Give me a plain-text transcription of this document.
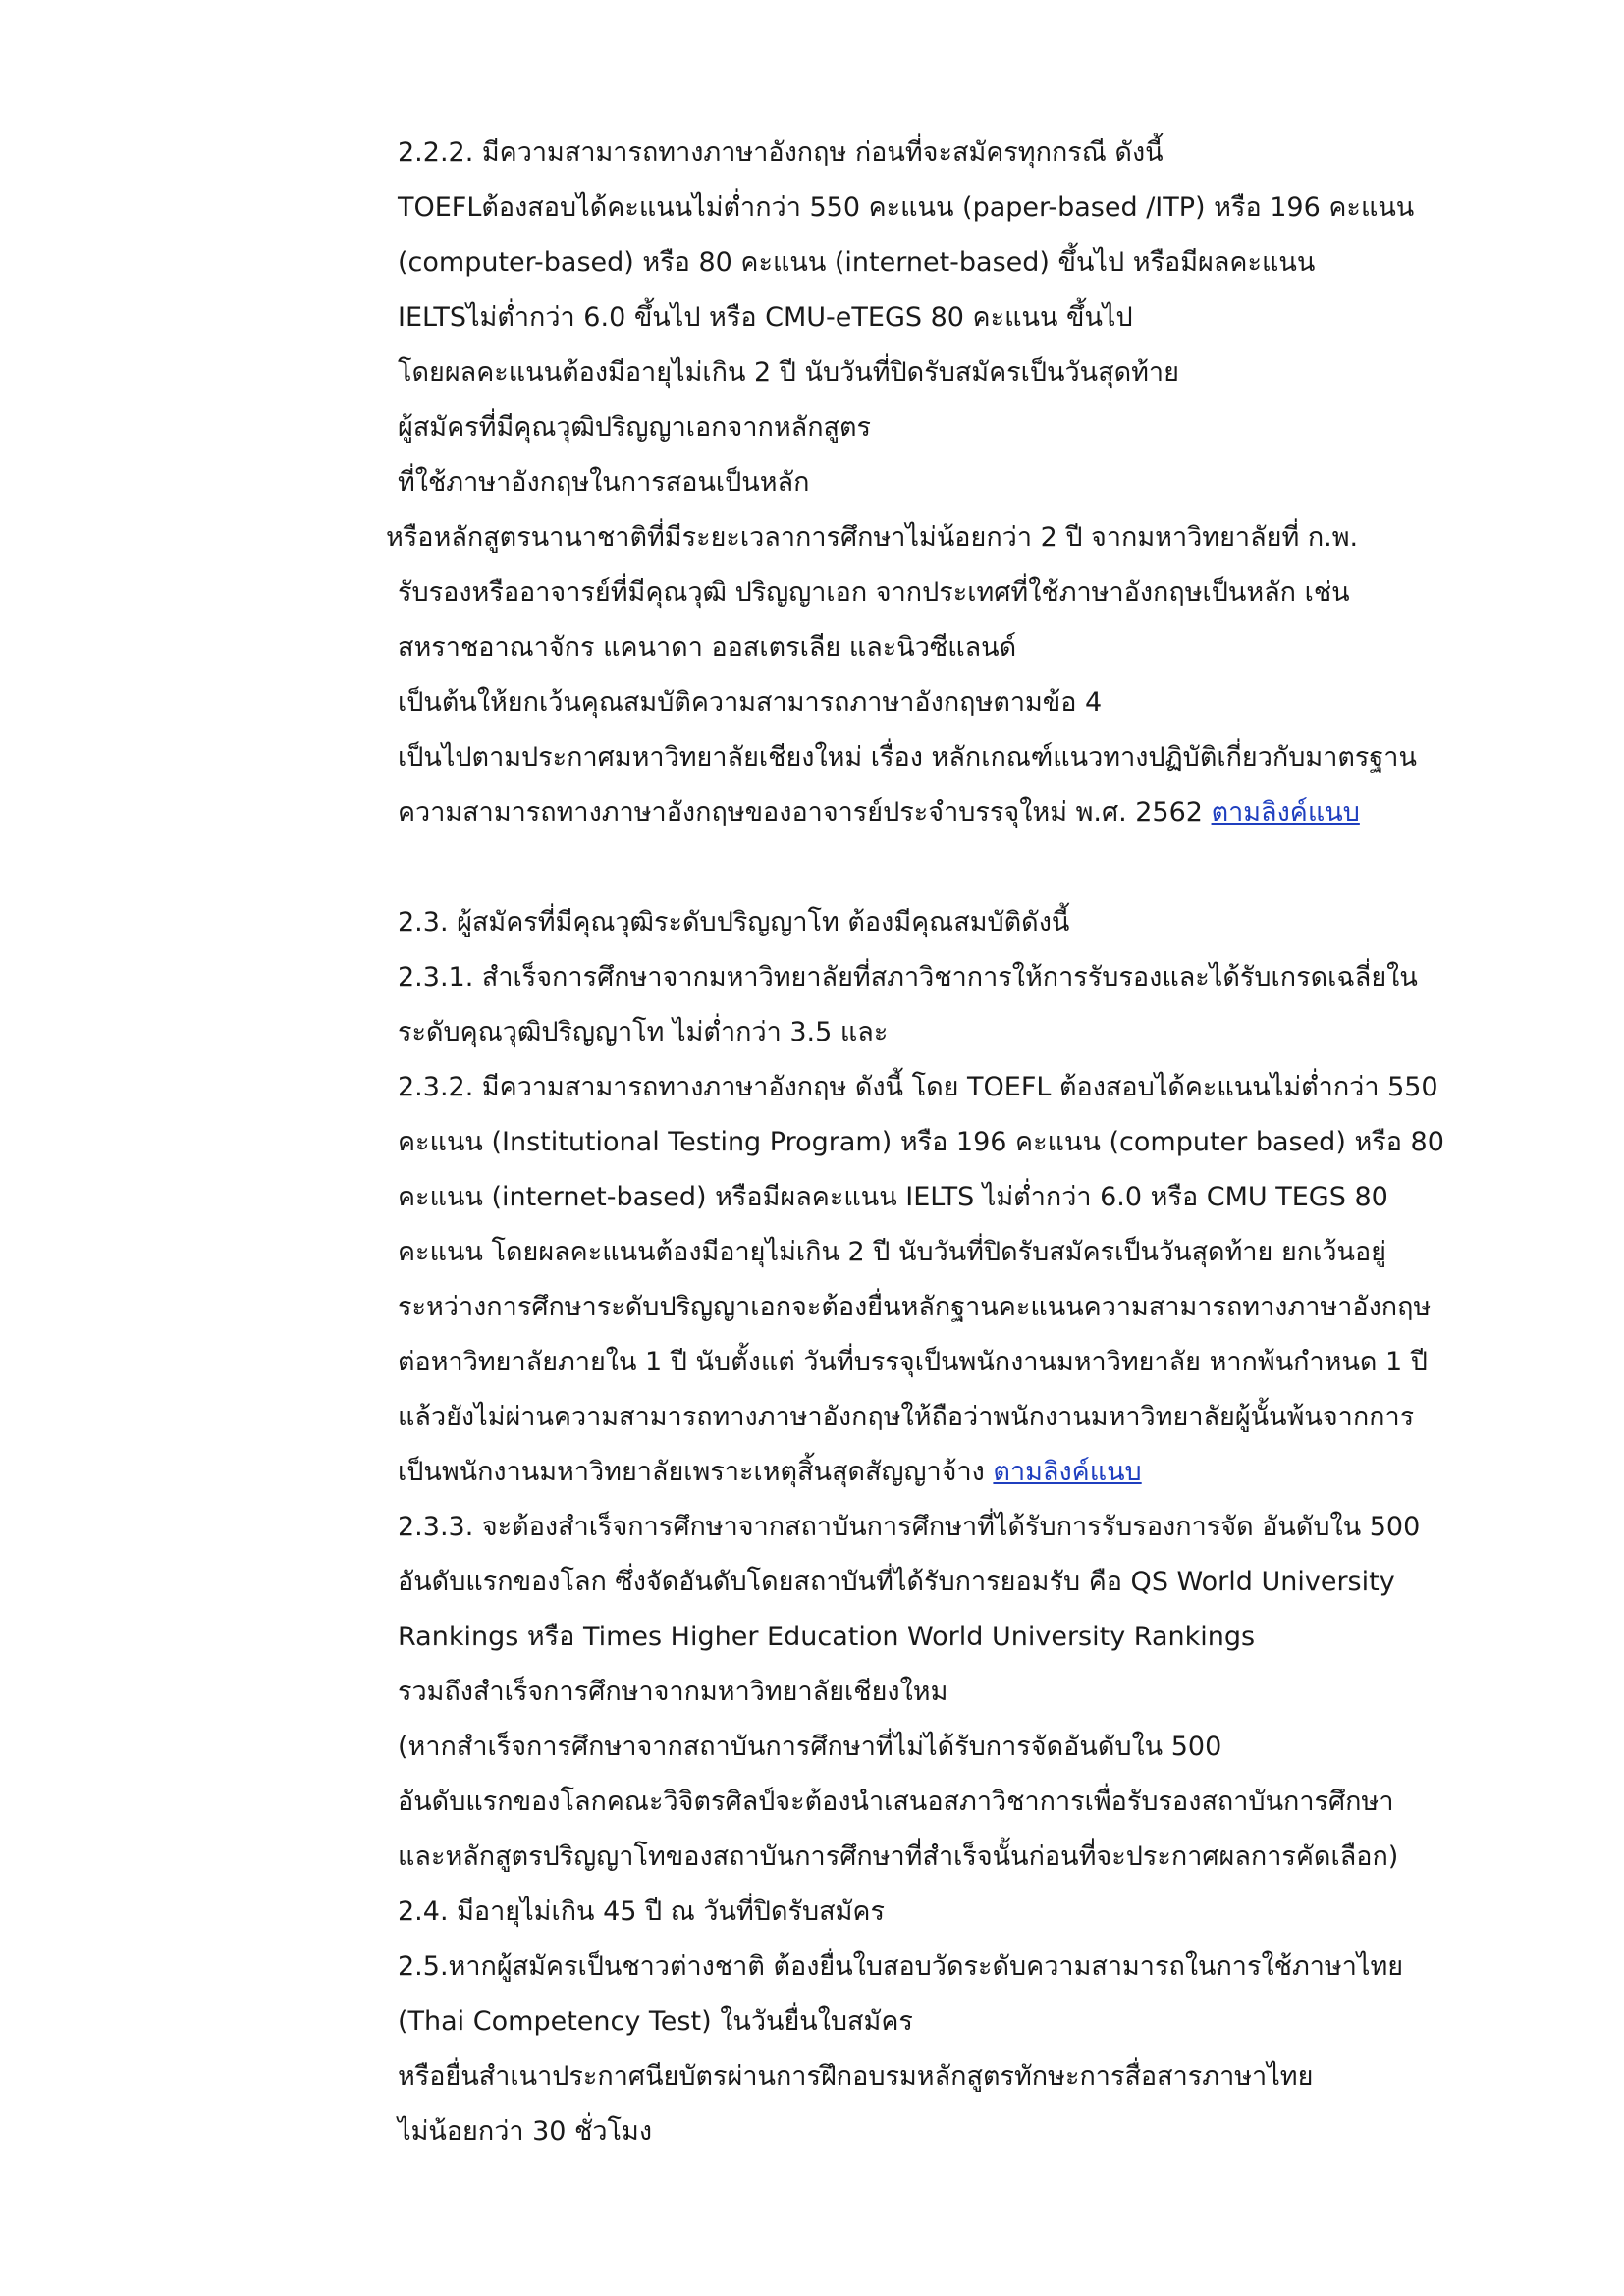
2.2.2. มีความสามารถทางภาษาอังกฤษ ก่อนที่จะสมัครทุกกรณี ดังนี้
TOEFLต้องสอบได้คะแนนไม่ต่ำกว่า 550 คะแนน (paper-based /ITP) หรือ 196 คะแนน
(computer-based) หรือ 80 คะแนน (internet-based) ขึ้นไป หรือมีผลคะแนน
IELTSไม่ต่ำกว่า 6.0 ขึ้นไป หรือ CMU-eTEGS 80 คะแนน ขึ้นไป
โดยผลคะแนนต้องมีอายุไม่เกิน 2 ปี นับวันที่ปิดรับสมัครเป็นวันสุดท้าย
ผู้สมัครที่มีคุณวุฒิปริญญาเอกจากหลักสูตร
ที่ใช้ภาษาอังกฤษในการสอนเป็นหลัก
หรือหลักสูตรนานาชาติที่มีระยะเวลาการศึกษาไม่น้อยกว่า 2 ปี จากมหาวิทยาลัยที่ ก.พ.
รับรองหรืออาจารย์ที่มีคุณวุฒิ ปริญญาเอก จากประเทศที่ใช้ภาษาอังกฤษเป็นหลัก เช่น
สหราชอาณาจักร แคนาดา ออสเตรเลีย และนิวซีแลนด์
เป็นต้นให้ยกเว้นคุณสมบัติความสามารถภาษาอังกฤษตามข้อ 4
เป็นไปตามประกาศมหาวิทยาลัยเชียงใหม่ เรื่อง หลักเกณฑ์แนวทางปฏิบัติเกี่ยวกับมาตรฐาน
ความสามารถทางภาษาอังกฤษของอาจารย์ประจำบรรจุใหม่ พ.ศ. 2562 ตามลิงค์แนบ
2.3. ผู้สมัครที่มีคุณวุฒิระดับปริญญาโท ต้องมีคุณสมบัติดังนี้
2.3.1. สำเร็จการศึกษาจากมหาวิทยาลัยที่สภาวิชาการให้การรับรองและได้รับเกรดเฉลี่ยใน
ระดับคุณวุฒิปริญญาโท ไม่ต่ำกว่า 3.5 และ
2.3.2. มีความสามารถทางภาษาอังกฤษ ดังนี้ โดย TOEFL ต้องสอบได้คะแนนไม่ต่ำกว่า 550
คะแนน (Institutional Testing Program) หรือ 196 คะแนน (computer based) หรือ 80
คะแนน (internet-based) หรือมีผลคะแนน IELTS ไม่ต่ำกว่า 6.0 หรือ CMU TEGS 80
คะแนน โดยผลคะแนนต้องมีอายุไม่เกิน 2 ปี นับวันที่ปิดรับสมัครเป็นวันสุดท้าย ยกเว้นอยู่
ระหว่างการศึกษาระดับปริญญาเอกจะต้องยื่นหลักฐานคะแนนความสามารถทางภาษาอังกฤษ
ต่อหาวิทยาลัยภายใน 1 ปี นับตั้งแต่ วันที่บรรจุเป็นพนักงานมหาวิทยาลัย หากพ้นกำหนด 1 ปี
แล้วยังไม่ผ่านความสามารถทางภาษาอังกฤษให้ถือว่าพนักงานมหาวิทยาลัยผู้นั้นพ้นจากการ
เป็นพนักงานมหาวิทยาลัยเพราะเหตุสิ้นสุดสัญญาจ้าง ตามลิงค์แนบ
2.3.3. จะต้องสำเร็จการศึกษาจากสถาบันการศึกษาที่ได้รับการรับรองการจัด อันดับใน 500
อันดับแรกของโลก ซึ่งจัดอันดับโดยสถาบันที่ได้รับการยอมรับ คือ QS World University
Rankings หรือ Times Higher Education World University Rankings
รวมถึงสำเร็จการศึกษาจากมหาวิทยาลัยเชียงใหม
(หากสำเร็จการศึกษาจากสถาบันการศึกษาที่ไม่ได้รับการจัดอันดับใน 500
อันดับแรกของโลกคณะวิจิตรศิลป์จะต้องนำเสนอสภาวิชาการเพื่อรับรองสถาบันการศึกษา
และหลักสูตรปริญญาโทของสถาบันการศึกษาที่สำเร็จนั้นก่อนที่จะประกาศผลการคัดเลือก)
2.4. มีอายุไม่เกิน 45 ปี ณ วันที่ปิดรับสมัคร
2.5.หากผู้สมัครเป็นชาวต่างชาติ ต้องยื่นใบสอบวัดระดับความสามารถในการใช้ภาษาไทย
(Thai Competency Test) ในวันยื่นใบสมัคร
หรือยื่นสำเนาประกาศนียบัตรผ่านการฝึกอบรมหลักสูตรทักษะการสื่อสารภาษาไทย
ไม่น้อยกว่า 30 ชั่วโมง
